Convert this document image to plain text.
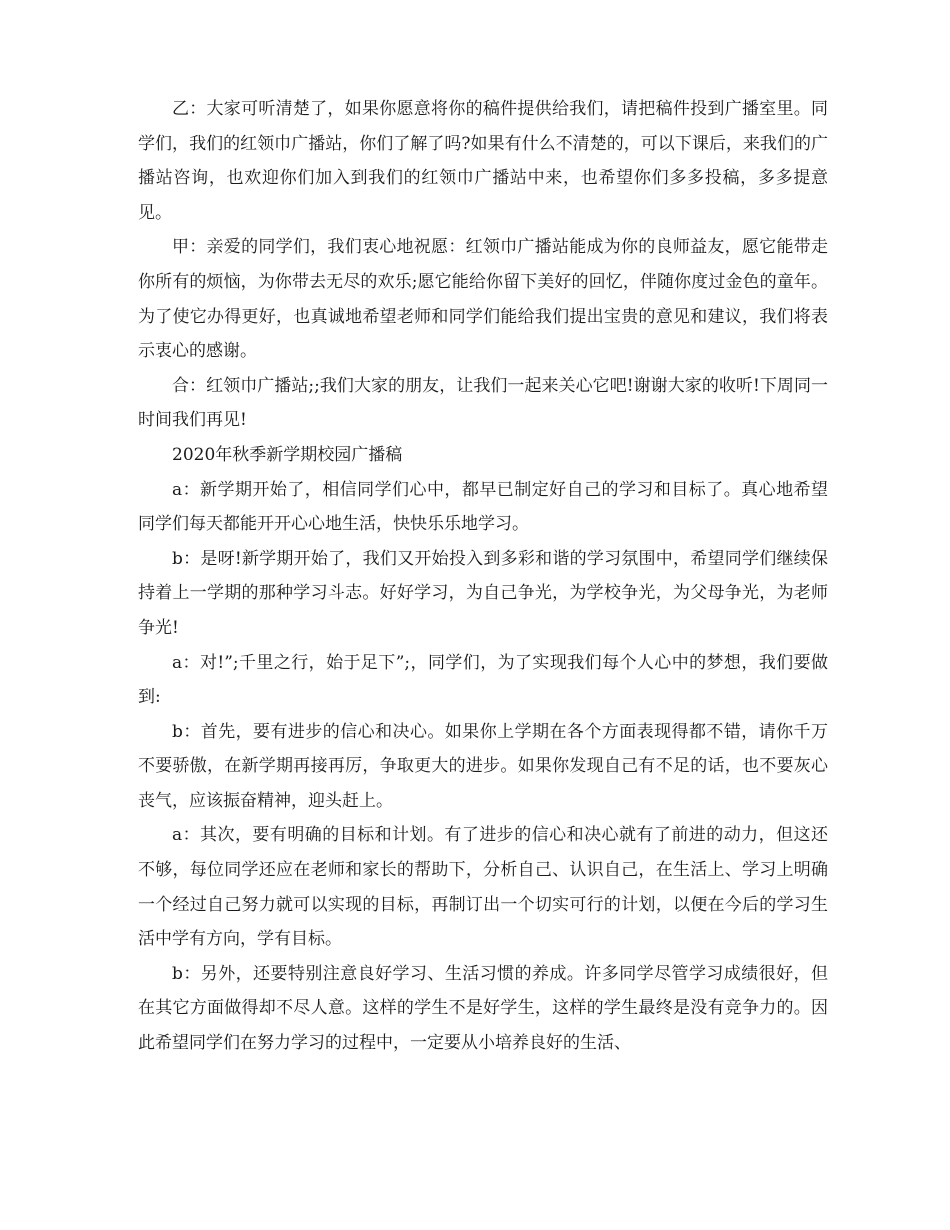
乙：大家可听清楚了，如果你愿意将你的稿件提供给我们，请把稿件投到广播室里。同学们，我们的红领巾广播站，你们了解了吗?如果有什么不清楚的，可以下课后，来我们的广播站咨询，也欢迎你们加入到我们的红领巾广播站中来，也希望你们多多投稿，多多提意见。

甲：亲爱的同学们，我们衷心地祝愿：红领巾广播站能成为你的良师益友，愿它能带走你所有的烦恼，为你带去无尽的欢乐;愿它能给你留下美好的回忆，伴随你度过金色的童年。为了使它办得更好，也真诚地希望老师和同学们能给我们提出宝贵的意见和建议，我们将表示衷心的感谢。

合：红领巾广播站;;我们大家的朋友，让我们一起来关心它吧!谢谢大家的收听!下周同一时间我们再见!

2020年秋季新学期校园广播稿

a：新学期开始了，相信同学们心中，都早已制定好自己的学习和目标了。真心地希望同学们每天都能开开心心地生活，快快乐乐地学习。

b：是呀!新学期开始了，我们又开始投入到多彩和谐的学习氛围中，希望同学们继续保持着上一学期的那种学习斗志。好好学习，为自己争光，为学校争光，为父母争光，为老师争光!

a：对!”;千里之行，始于足下”;，同学们，为了实现我们每个人心中的梦想，我们要做到:

b：首先，要有进步的信心和决心。如果你上学期在各个方面表现得都不错，请你千万不要骄傲，在新学期再接再厉，争取更大的进步。如果你发现自己有不足的话，也不要灰心丧气，应该振奋精神，迎头赶上。

a：其次，要有明确的目标和计划。有了进步的信心和决心就有了前进的动力，但这还不够，每位同学还应在老师和家长的帮助下，分析自己、认识自己，在生活上、学习上明确一个经过自己努力就可以实现的目标，再制订出一个切实可行的计划，以便在今后的学习生活中学有方向，学有目标。

b：另外，还要特别注意良好学习、生活习惯的养成。许多同学尽管学习成绩很好，但在其它方面做得却不尽人意。这样的学生不是好学生，这样的学生最终是没有竞争力的。因此希望同学们在努力学习的过程中，一定要从小培养良好的生活、
